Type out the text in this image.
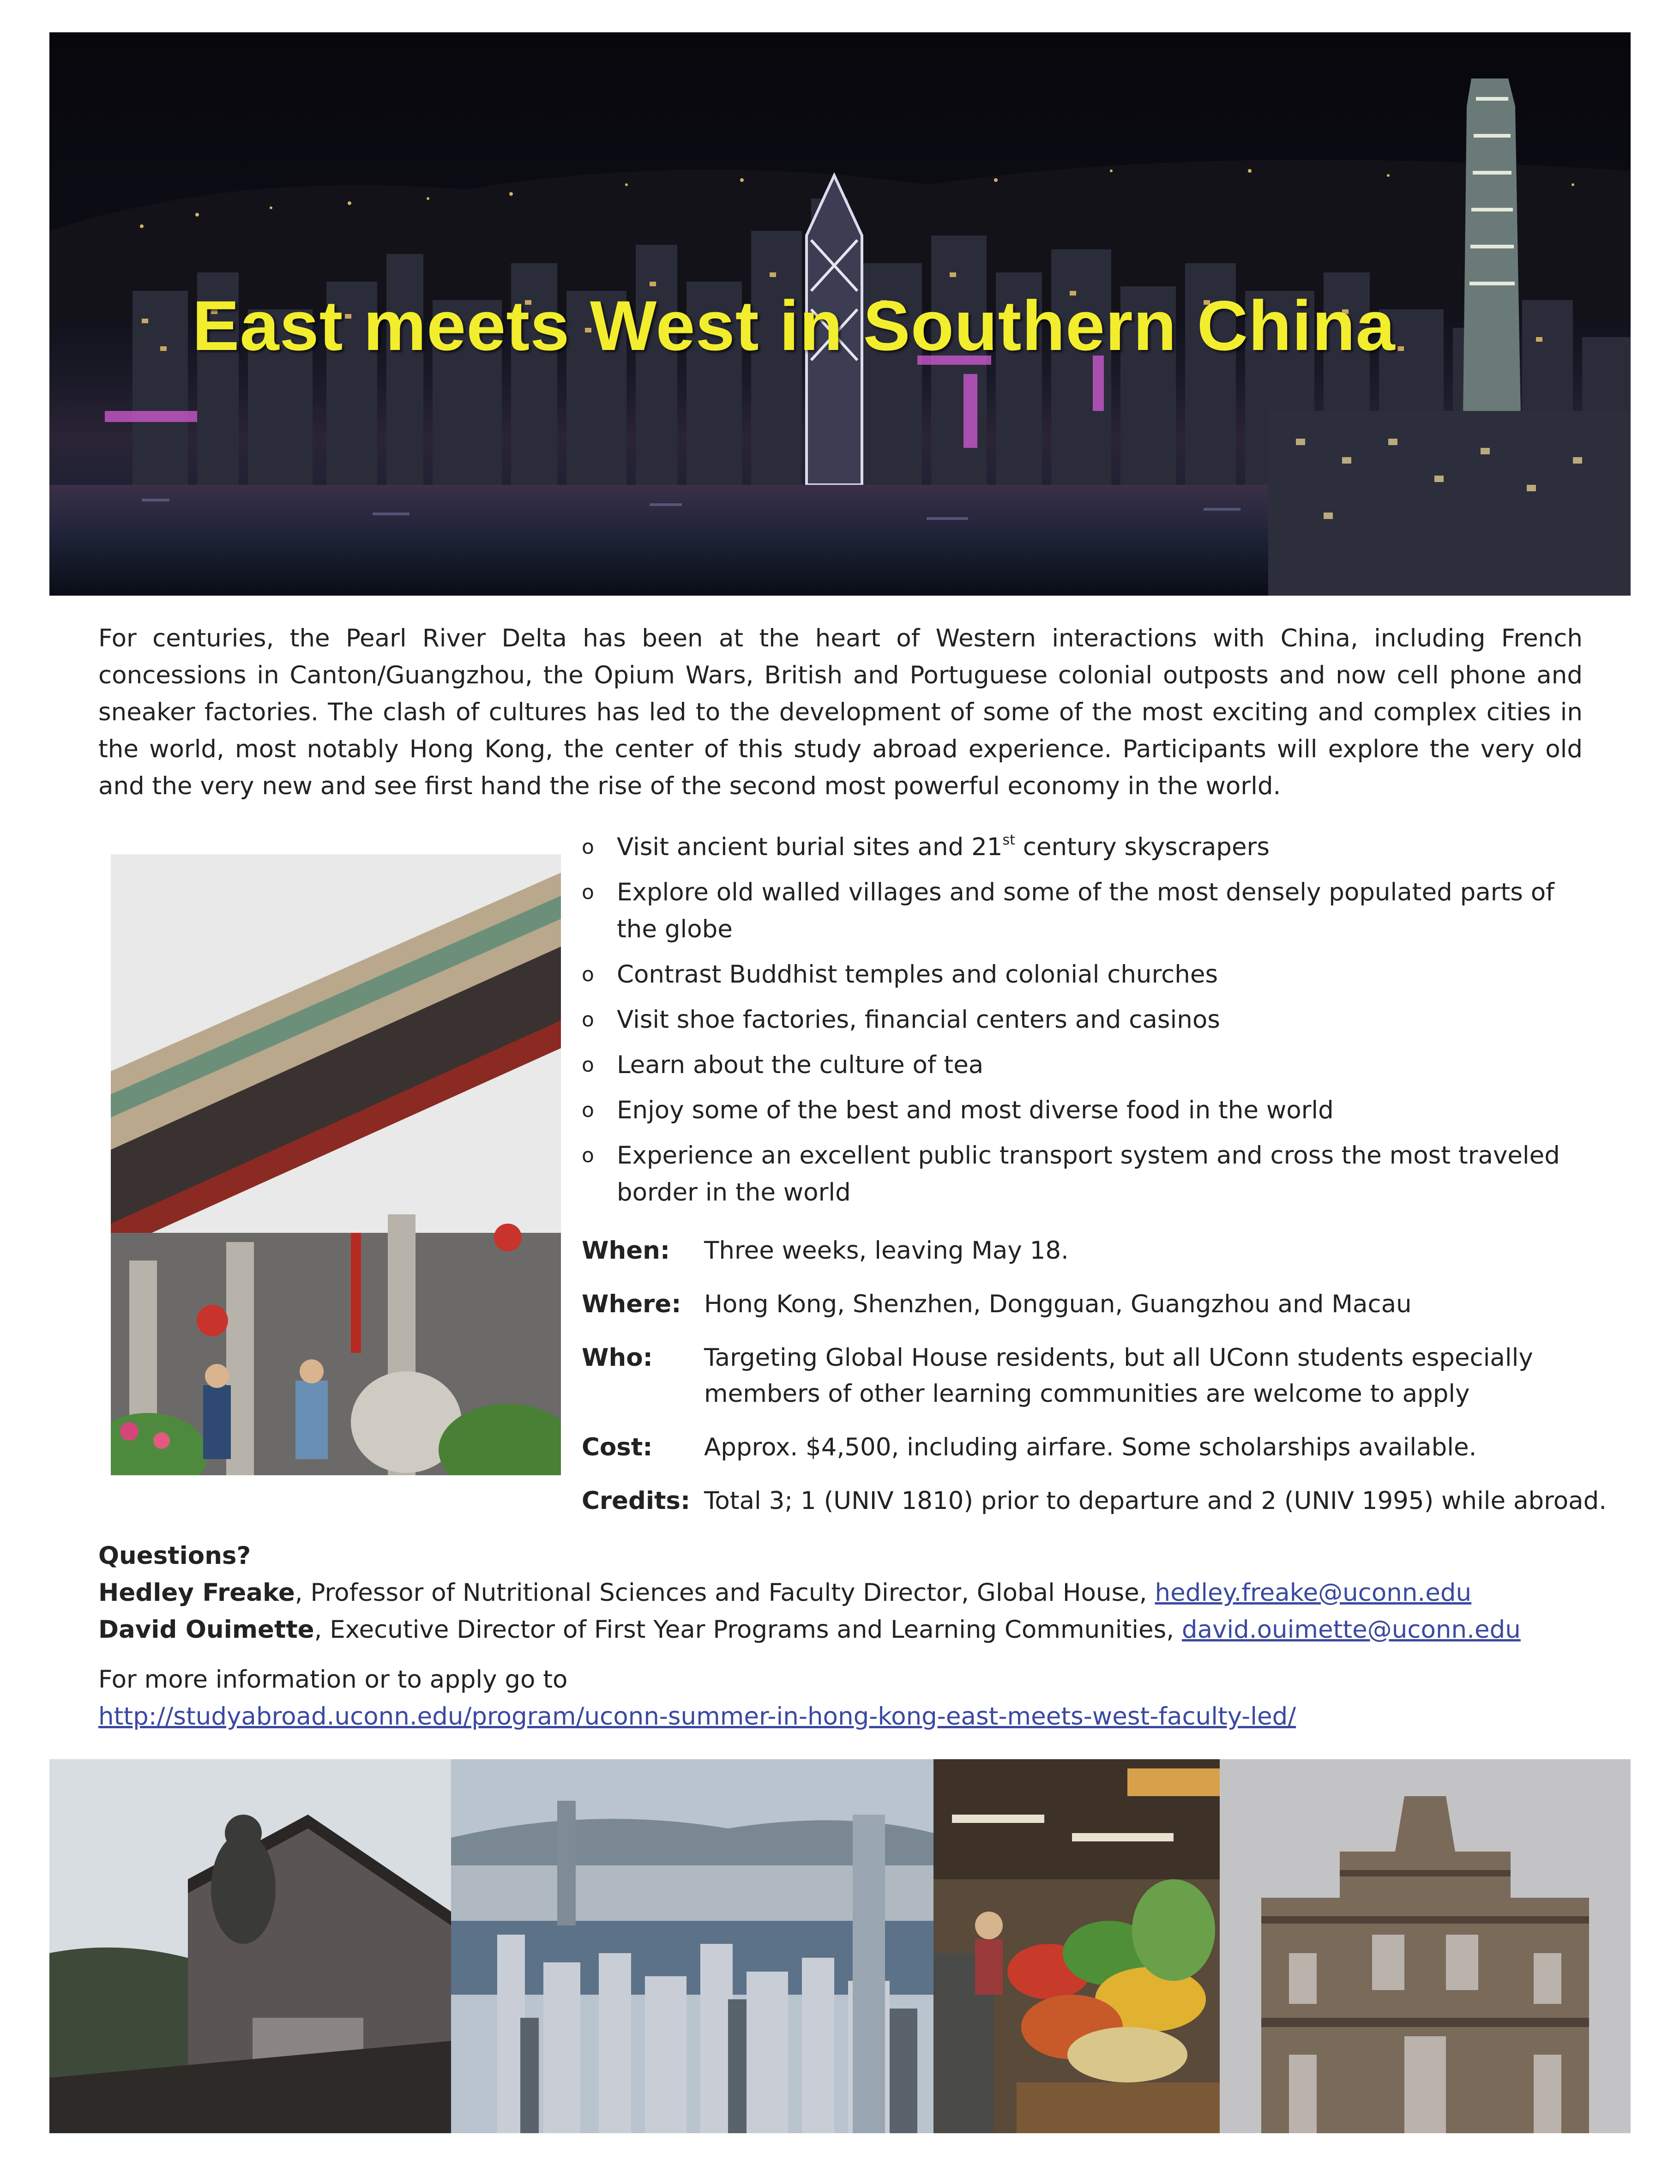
East meets West in Southern China
For centuries, the Pearl River Delta has been at the heart of Western interactions with China, including French concessions in Canton/Guangzhou, the Opium Wars, British and Portuguese colonial outposts and now cell phone and sneaker factories. The clash of cultures has led to the development of some of the most exciting and complex cities in the world, most notably Hong Kong, the center of this study abroad experience. Participants will explore the very old and the very new and see first hand the rise of the second most powerful economy in the world.
o Visit ancient burial sites and 21st century skyscrapers
o Explore old walled villages and some of the most densely populated parts of the globe
o Contrast Buddhist temples and colonial churches
o Visit shoe factories, financial centers and casinos
o Learn about the culture of tea
o Enjoy some of the best and most diverse food in the world
o Experience an excellent public transport system and cross the most traveled border in the world
When:	Three weeks, leaving May 18.
Where: Hong Kong, Shenzhen, Dongguan, Guangzhou and Macau
Who:	Targeting Global House residents, but all UConn students especially members of other learning communities are welcome to apply
Cost:	Approx. $4,500, including airfare. Some scholarships available.
Credits: Total 3; 1 (UNIV 1810) prior to departure and 2 (UNIV 1995) while abroad.
Questions?
Hedley Freake, Professor of Nutritional Sciences and Faculty Director, Global House, hedley.freake@uconn.edu
David Ouimette, Executive Director of First Year Programs and Learning Communities, david.ouimette@uconn.edu
For more information or to apply go to
http://studyabroad.uconn.edu/program/uconn-summer-in-hong-kong-east-meets-west-faculty-led/
